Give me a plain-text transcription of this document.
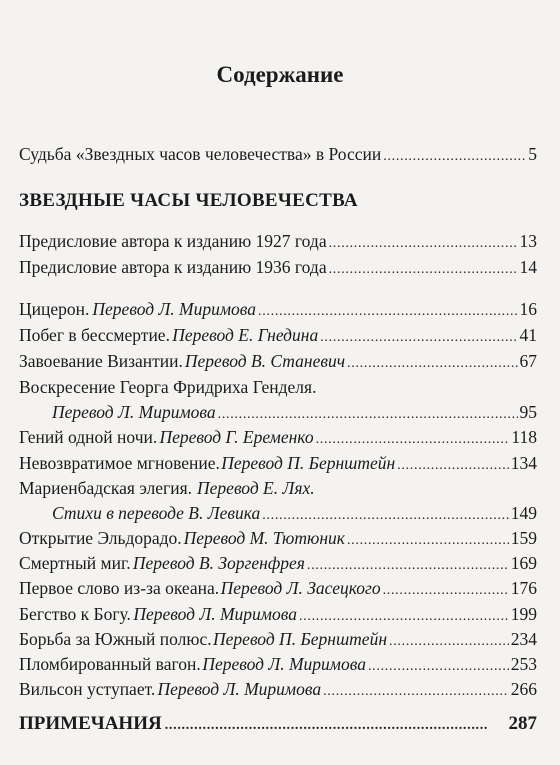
Содержание
Судьба «Звездных часов человечества» в России . . .	5
ЗВЕЗДНЫЕ ЧАСЫ ЧЕЛОВЕЧЕСТВА
Предисловие автора к изданию 1927 года . . .	13
Предисловие автора к изданию 1936 года . . .	14
Цицерон. Перевод Л. Миримова . . .	16
Побег в бессмертие. Перевод Е. Гнедина . . .	41
Завоевание Византии. Перевод В. Станевич . . .	67
Воскресение Георга Фридриха Генделя.
Перевод Л. Миримова . . .	95
Гений одной ночи. Перевод Г. Еременко . . .	118
Невозвратимое мгновение. Перевод П. Бернштейн . . .	134
Мариенбадская элегия. Перевод Е. Лях.
Стихи в переводе В. Левика . . .	149
Открытие Эльдорадо. Перевод М. Тютюник . . .	159
Смертный миг. Перевод В. Зоргенфрея . . .	169
Первое слово из-за океана. Перевод Л. Засецкого . . .	176
Бегство к Богу. Перевод Л. Миримова . . .	199
Борьба за Южный полюс. Перевод П. Бернштейн . . .	234
Пломбированный вагон. Перевод Л. Миримова . . .	253
Вильсон уступает. Перевод Л. Миримова . . .	266
ПРИМЕЧАНИЯ . . .	287
